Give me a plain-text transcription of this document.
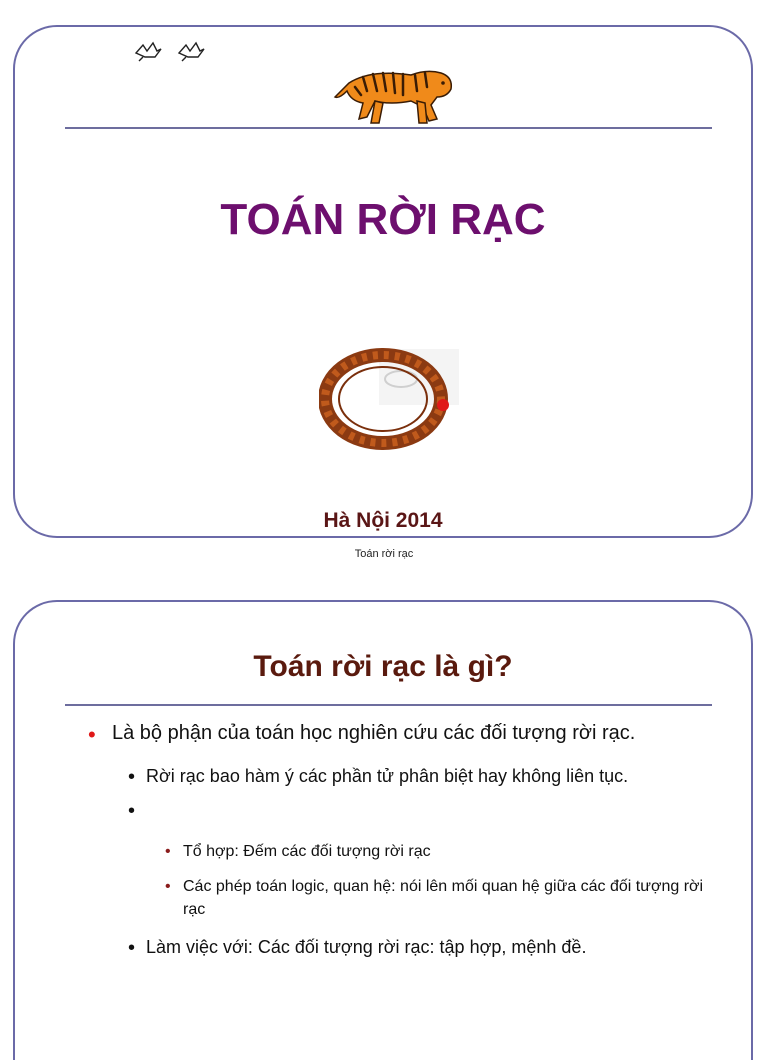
TOÁN RỜI RẠC
Hà Nội 2014
Toán rời rạc
Toán rời rạc là gì?
• Là bộ phận của toán học nghiên cứu các đối tượng rời rạc.
• Rời rạc bao hàm ý các phần tử phân biệt hay không liên tục.
•
• Tổ hợp: Đếm các đối tượng rời rạc
• Các phép toán logic, quan hệ: nói lên mối quan hệ giữa các đối tượng rời rạc
• Làm việc với: Các đối tượng rời rạc: tập hợp, mệnh đề.
